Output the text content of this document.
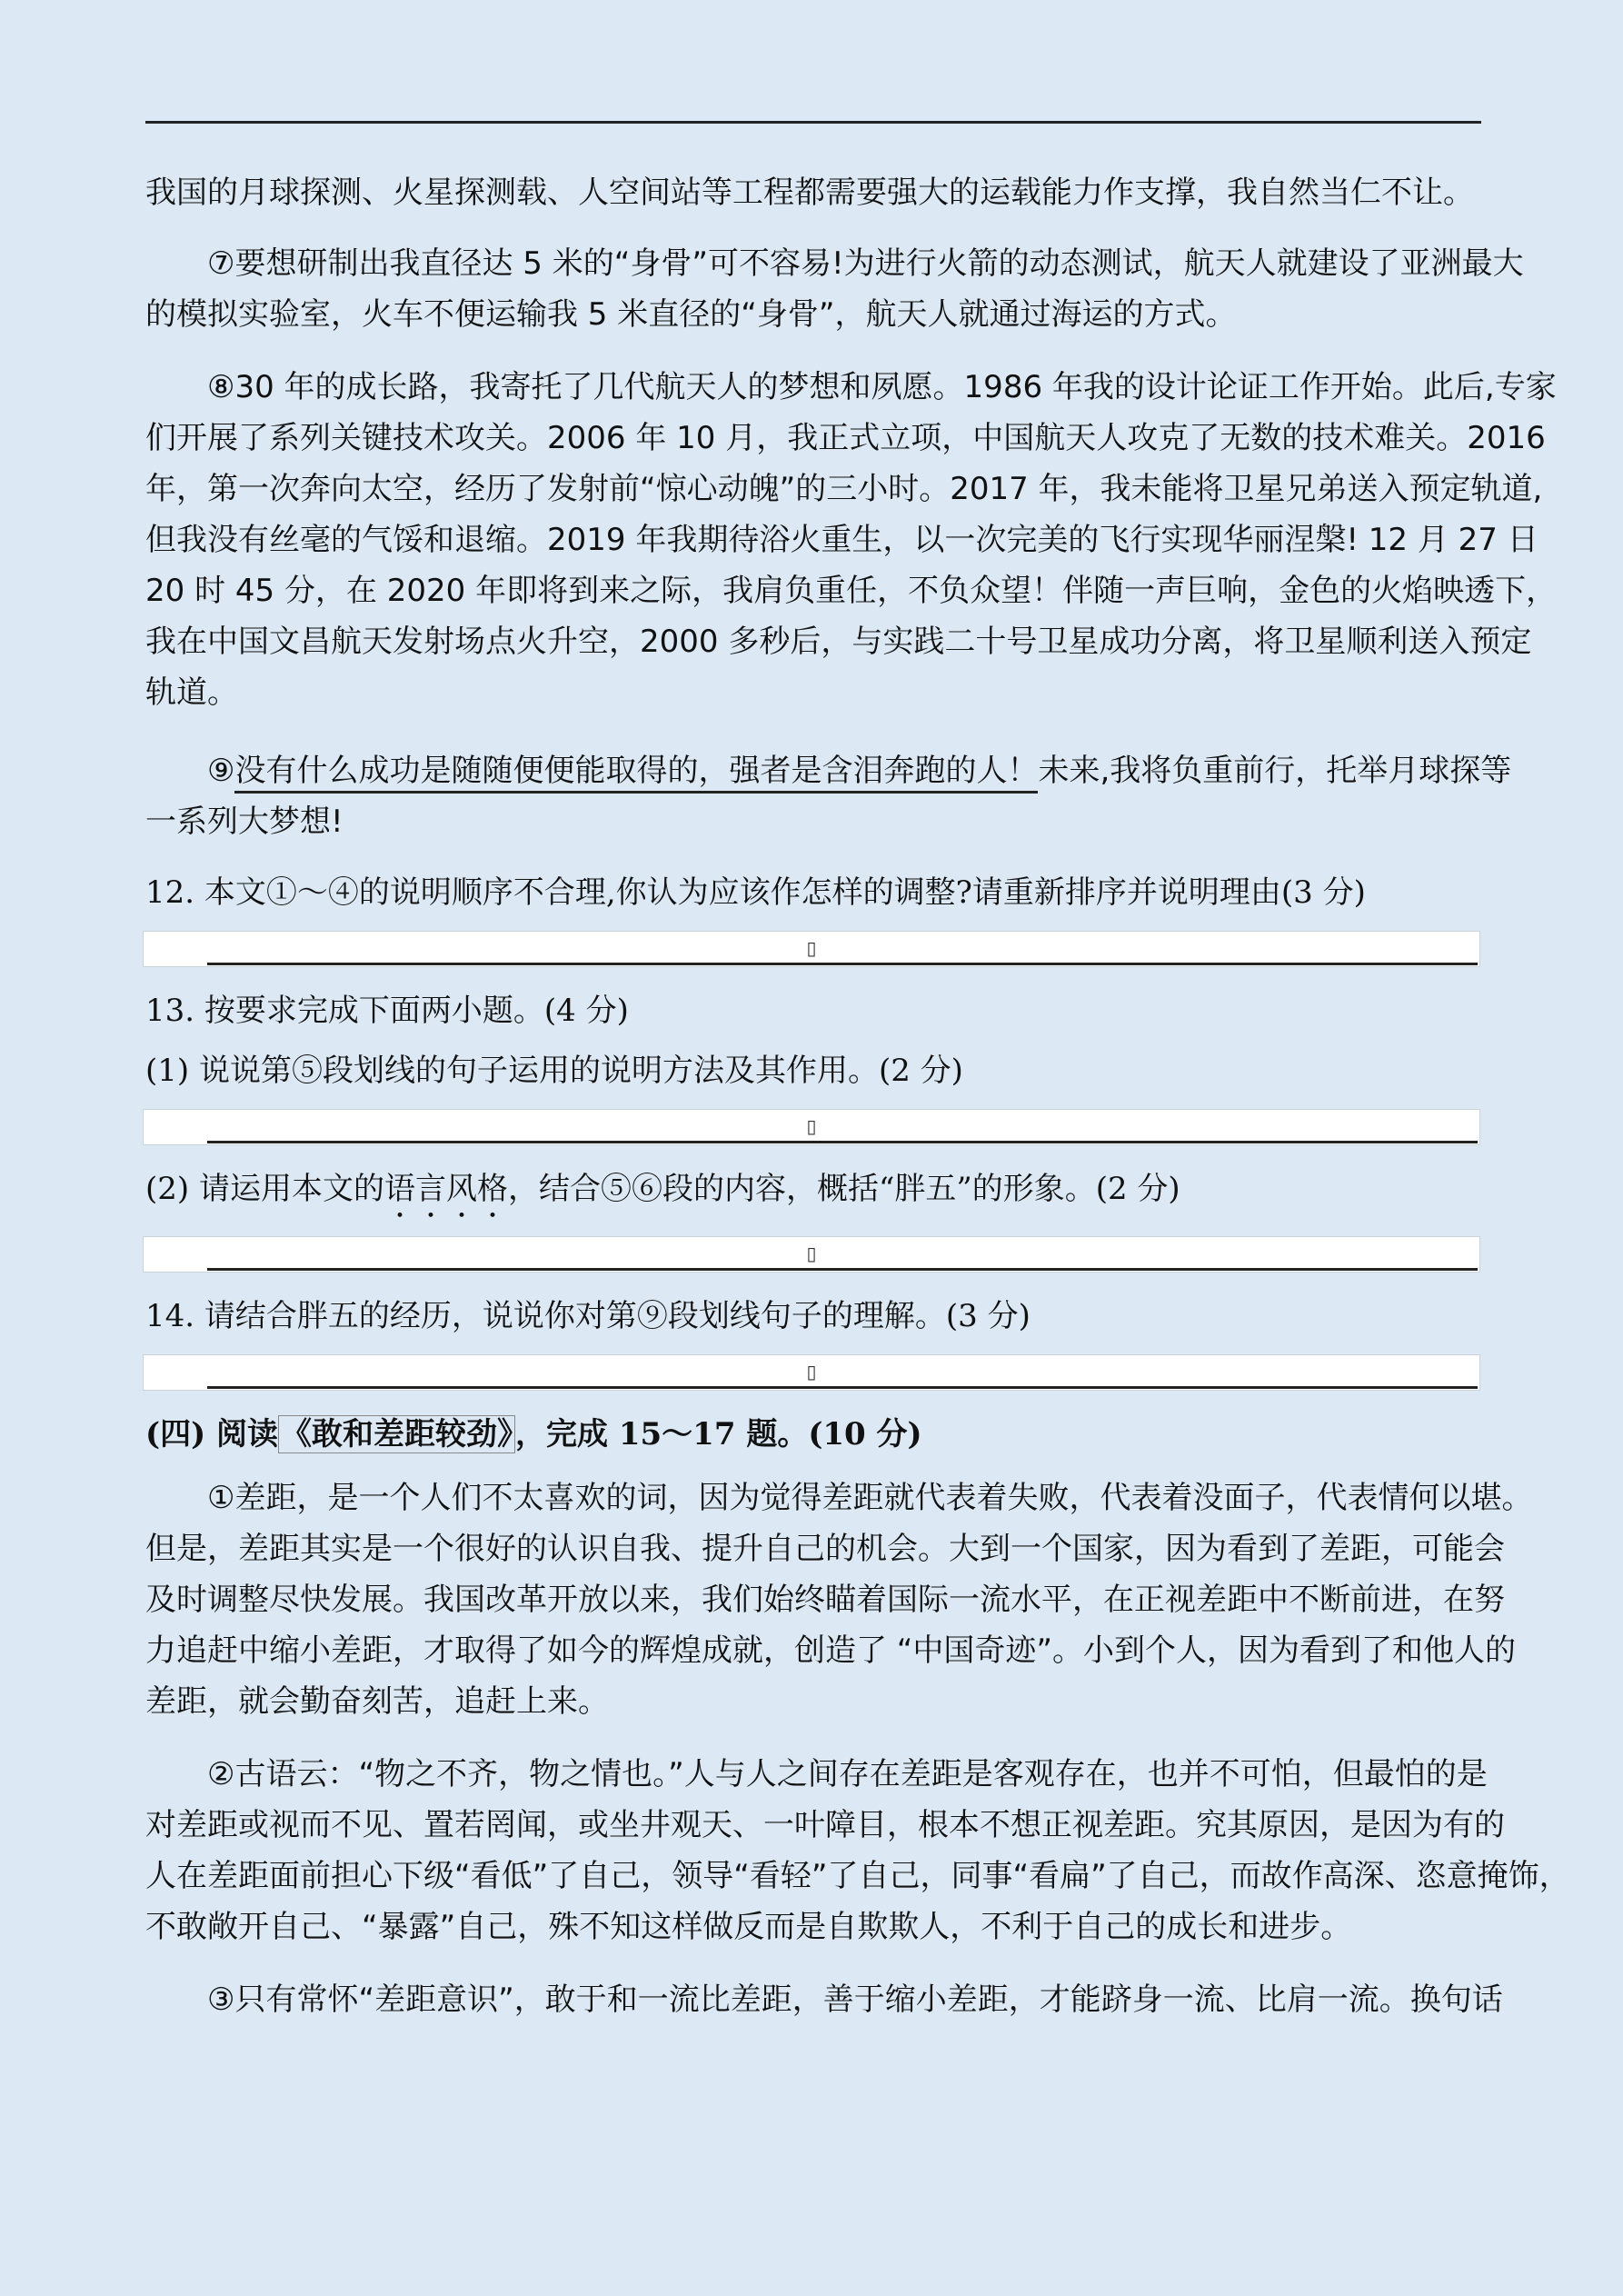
我国的月球探测、火星探测载、人空间站等工程都需要强大的运载能力作支撑，我自然当仁不让。

⑦要想研制出我直径达 5 米的“身骨”可不容易!为进行火箭的动态测试，航天人就建设了亚洲最大

的模拟实验室，火车不便运输我 5 米直径的“身骨”，航天人就通过海运的方式。

⑧30 年的成长路，我寄托了几代航天人的梦想和夙愿。1986 年我的设计论证工作开始。此后,专家

们开展了系列关键技术攻关。2006 年 10 月，我正式立项，中国航天人攻克了无数的技术难关。2016

年，第一次奔向太空，经历了发射前“惊心动魄”的三小时。2017 年，我未能将卫星兄弟送入预定轨道,

但我没有丝毫的气馁和退缩。2019 年我期待浴火重生，以一次完美的飞行实现华丽涅槃! 12 月 27 日

20 时 45 分，在 2020 年即将到来之际，我肩负重任，不负众望！伴随一声巨响，金色的火焰映透下，

我在中国文昌航天发射场点火升空，2000 多秒后，与实践二十号卫星成功分离，将卫星顺利送入预定

轨道。

⑨没有什么成功是随随便便能取得的，强者是含泪奔跑的人！未来,我将负重前行，托举月球探等

一系列大梦想!

12. 本文①～④的说明顺序不合理,你认为应该作怎样的调整?请重新排序并说明理由(3 分)

▯

13. 按要求完成下面两小题。(4 分)

(1) 说说第⑤段划线的句子运用的说明方法及其作用。(2 分)

▯

(2) 请运用本文的语言风格，结合⑤⑥段的内容，概括“胖五”的形象。(2 分)

▯

14. 请结合胖五的经历，说说你对第⑨段划线句子的理解。(3 分)

▯

(四) 阅读《敢和差距较劲》，完成 15～17 题。(10 分)

①差距，是一个人们不太喜欢的词，因为觉得差距就代表着失败，代表着没面子，代表情何以堪。

但是，差距其实是一个很好的认识自我、提升自己的机会。大到一个国家，因为看到了差距，可能会

及时调整尽快发展。我国改革开放以来，我们始终瞄着国际一流水平，在正视差距中不断前进，在努

力追赶中缩小差距，才取得了如今的辉煌成就，创造了 “中国奇迹”。小到个人，因为看到了和他人的

差距，就会勤奋刻苦，追赶上来。

②古语云：“物之不齐，物之情也。”人与人之间存在差距是客观存在，也并不可怕，但最怕的是

对差距或视而不见、置若罔闻，或坐井观天、一叶障目，根本不想正视差距。究其原因，是因为有的

人在差距面前担心下级“看低”了自己，领导“看轻”了自己，同事“看扁”了自己，而故作高深、恣意掩饰，

不敢敞开自己、“暴露”自己，殊不知这样做反而是自欺欺人，不利于自己的成长和进步。

③只有常怀“差距意识”，敢于和一流比差距，善于缩小差距，才能跻身一流、比肩一流。换句话
